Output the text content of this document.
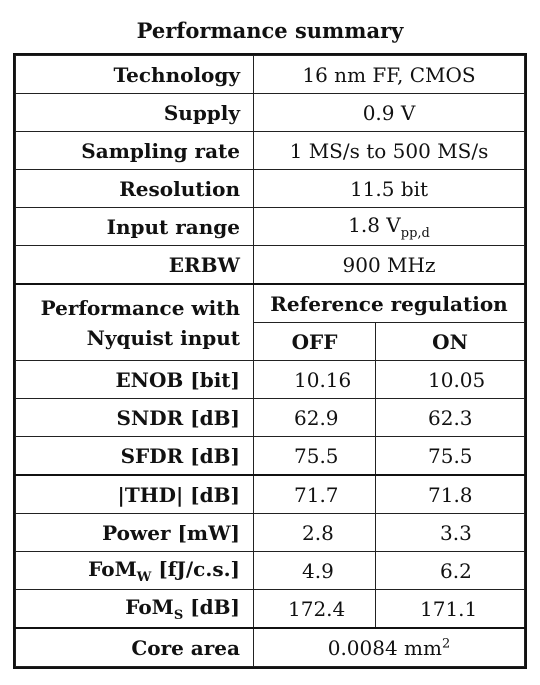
Performance summary
Technology	16 nm FF, CMOS	
Supply	0.9 V	
Sampling rate	1 MS/s to 500 MS/s	
Resolution	11.5 bit	
Input range	1.8 $V_{pp,d}$
ERBW	900 MHz	

Performance with
Nyquist input	Reference regulation	
	OFF	ON
ENOB [bit]	10.16	10.05
SNDR [dB]	62.9	62.3
SFDR [dB]	75.5	75.5
|THD| [dB]	71.7	71.8
Power [mW]	2.8	3.3
FoM$_W$ [fJ/c.s.]	4.9	6.2
FoM$_S$ [dB]	172.4	171.1
Core area	0.0084 $mm^2$
